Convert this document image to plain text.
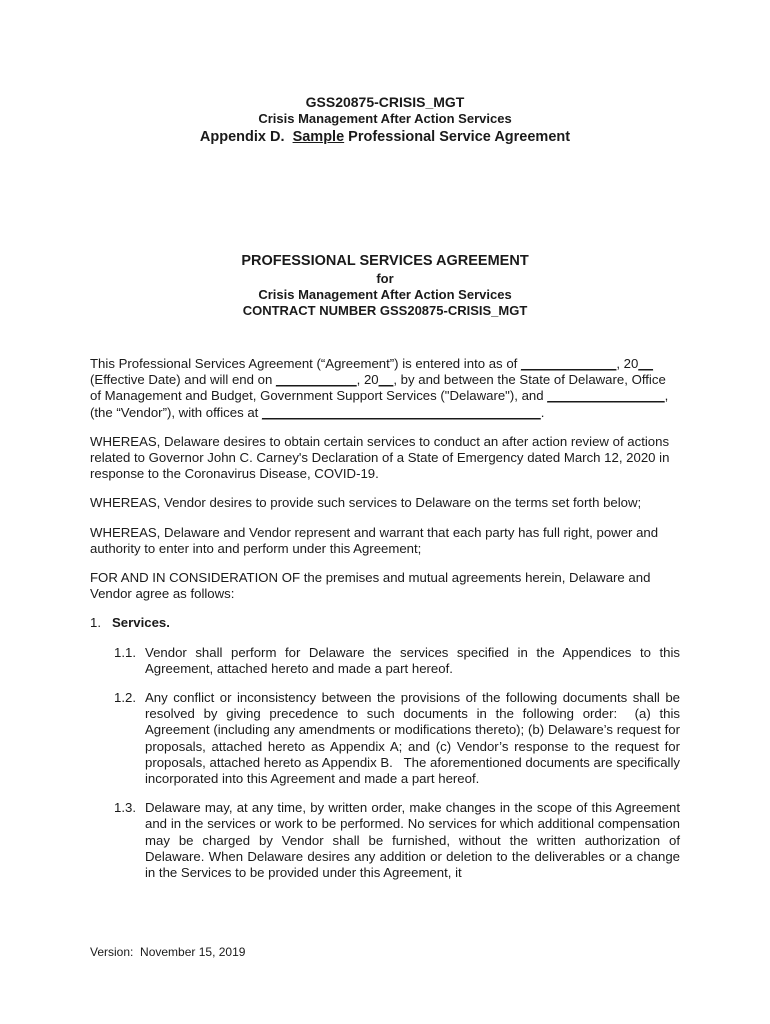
GSS20875-CRISIS_MGT
Crisis Management After Action Services
Appendix D.  Sample Professional Service Agreement
PROFESSIONAL SERVICES AGREEMENT
for
Crisis Management After Action Services
CONTRACT NUMBER GSS20875-CRISIS_MGT

This Professional Services Agreement (“Agreement”) is entered into as of _____________, 20__ (Effective Date) and will end on ___________, 20__, by and between the State of Delaware, Office of Management and Budget, Government Support Services ("Delaware"), and ________________, (the “Vendor”), with offices at ______________________________________.

WHEREAS, Delaware desires to obtain certain services to conduct an after action review of actions related to Governor John C. Carney's Declaration of a State of Emergency dated March 12, 2020 in response to the Coronavirus Disease, COVID-19.

WHEREAS, Vendor desires to provide such services to Delaware on the terms set forth below;

WHEREAS, Delaware and Vendor represent and warrant that each party has full right, power and authority to enter into and perform under this Agreement;

FOR AND IN CONSIDERATION OF the premises and mutual agreements herein, Delaware and Vendor agree as follows:

1. Services.
1.1. Vendor shall perform for Delaware the services specified in the Appendices to this Agreement, attached hereto and made a part hereof.
1.2. Any conflict or inconsistency between the provisions of the following documents shall be resolved by giving precedence to such documents in the following order:  (a) this Agreement (including any amendments or modifications thereto); (b) Delaware’s request for proposals, attached hereto as Appendix A; and (c) Vendor’s response to the request for proposals, attached hereto as Appendix B.   The aforementioned documents are specifically incorporated into this Agreement and made a part hereof.
1.3. Delaware may, at any time, by written order, make changes in the scope of this Agreement and in the services or work to be performed. No services for which additional compensation may be charged by Vendor shall be furnished, without the written authorization of Delaware. When Delaware desires any addition or deletion to the deliverables or a change in the Services to be provided under this Agreement, it
Version:  November 15, 2019
